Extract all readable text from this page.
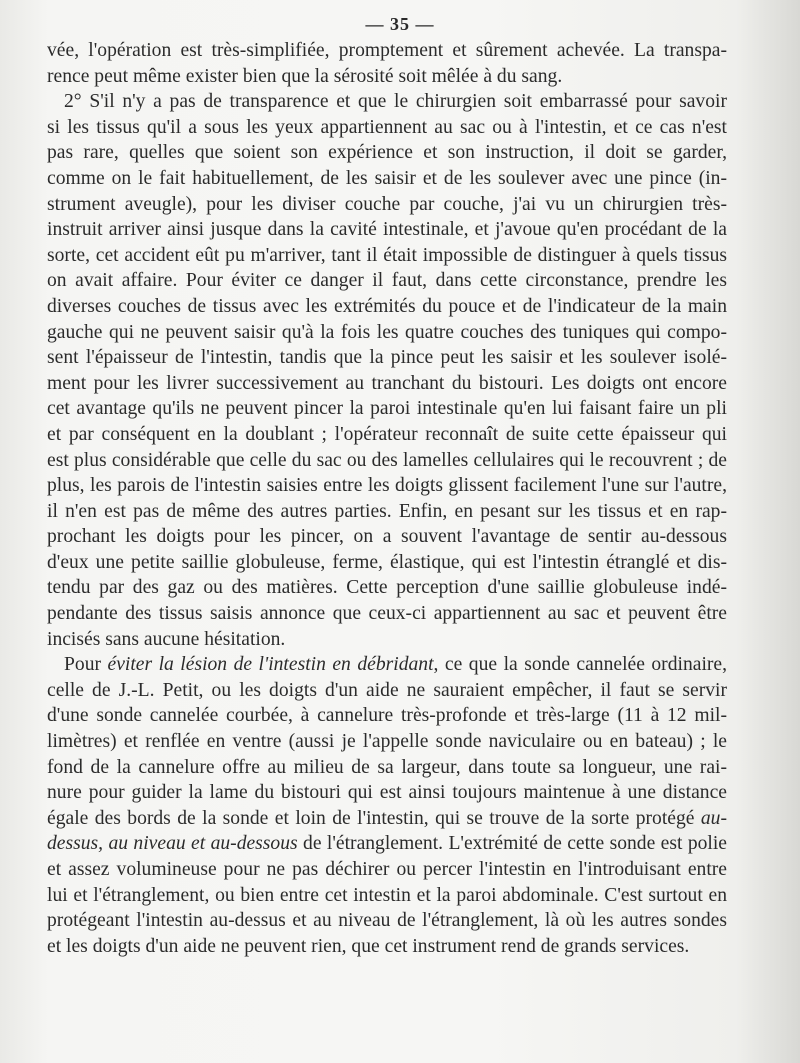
— 35 —
vée, l'opération est très-simplifiée, promptement et sûrement achevée. La transpa-
rence peut même exister bien que la sérosité soit mêlée à du sang.
2° S'il n'y a pas de transparence et que le chirurgien soit embarrassé pour savoir
si les tissus qu'il a sous les yeux appartiennent au sac ou à l'intestin, et ce cas n'est
pas rare, quelles que soient son expérience et son instruction, il doit se garder,
comme on le fait habituellement, de les saisir et de les soulever avec une pince (in-
strument aveugle), pour les diviser couche par couche, j'ai vu un chirurgien très-
instruit arriver ainsi jusque dans la cavité intestinale, et j'avoue qu'en procédant de la
sorte, cet accident eût pu m'arriver, tant il était impossible de distinguer à quels tissus
on avait affaire. Pour éviter ce danger il faut, dans cette circonstance, prendre les
diverses couches de tissus avec les extrémités du pouce et de l'indicateur de la main
gauche qui ne peuvent saisir qu'à la fois les quatre couches des tuniques qui compo-
sent l'épaisseur de l'intestin, tandis que la pince peut les saisir et les soulever isolé-
ment pour les livrer successivement au tranchant du bistouri. Les doigts ont encore
cet avantage qu'ils ne peuvent pincer la paroi intestinale qu'en lui faisant faire un pli
et par conséquent en la doublant ; l'opérateur reconnaît de suite cette épaisseur qui
est plus considérable que celle du sac ou des lamelles cellulaires qui le recouvrent ; de
plus, les parois de l'intestin saisies entre les doigts glissent facilement l'une sur l'autre,
il n'en est pas de même des autres parties. Enfin, en pesant sur les tissus et en rap-
prochant les doigts pour les pincer, on a souvent l'avantage de sentir au-dessous
d'eux une petite saillie globuleuse, ferme, élastique, qui est l'intestin étranglé et dis-
tendu par des gaz ou des matières. Cette perception d'une saillie globuleuse indé-
pendante des tissus saisis annonce que ceux-ci appartiennent au sac et peuvent être
incisés sans aucune hésitation.
Pour éviter la lésion de l'intestin en débridant, ce que la sonde cannelée ordinaire,
celle de J.-L. Petit, ou les doigts d'un aide ne sauraient empêcher, il faut se servir
d'une sonde cannelée courbée, à cannelure très-profonde et très-large (11 à 12 mil-
limètres) et renflée en ventre (aussi je l'appelle sonde naviculaire ou en bateau) ; le
fond de la cannelure offre au milieu de sa largeur, dans toute sa longueur, une rai-
nure pour guider la lame du bistouri qui est ainsi toujours maintenue à une distance
égale des bords de la sonde et loin de l'intestin, qui se trouve de la sorte protégé au-
dessus, au niveau et au-dessous de l'étranglement. L'extrémité de cette sonde est polie
et assez volumineuse pour ne pas déchirer ou percer l'intestin en l'introduisant entre
lui et l'étranglement, ou bien entre cet intestin et la paroi abdominale. C'est surtout en
protégeant l'intestin au-dessus et au niveau de l'étranglement, là où les autres sondes
et les doigts d'un aide ne peuvent rien, que cet instrument rend de grands services.
